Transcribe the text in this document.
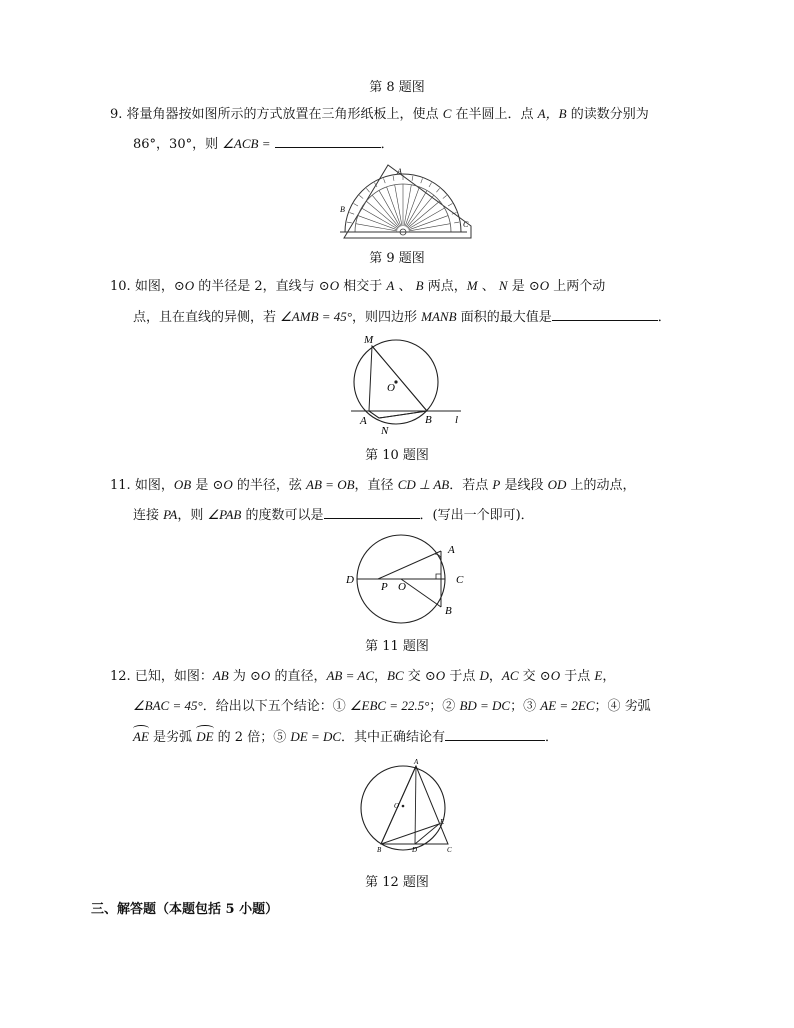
第 8 题图
9. 将量角器按如图所示的方式放置在三角形纸板上，使点 C 在半圆上．点 A，B 的读数分别为
86°，30°，则 ∠ACB =	．
A
B
C
第 9 题图
10. 如图，⊙O 的半径是 2，直线与 ⊙O 相交于 A 、 B 两点，M 、 N 是 ⊙O 上两个动
点，且在直线的异侧，若 ∠AMB = 45°，则四边形 MANB 面积的最大值是	．
M
O
A	B
N
l
第 10 题图
11. 如图，OB 是 ⊙O 的半径，弦 AB = OB，直径 CD ⊥ AB．若点 P 是线段 OD 上的动点，
连接 PA，则 ∠PAB 的度数可以是	．(写出一个即可)．
D
P O
C
A
B
第 11 题图
12. 已知，如图：AB 为 ⊙O 的直径，AB = AC，BC 交 ⊙O 于点 D，AC 交 ⊙O 于点 E，
∠BAC = 45°．给出以下五个结论：① ∠EBC = 22.5°；② BD = DC；③ AE = 2EC；④ 劣弧
AE 是劣弧 DE 的 2 倍；⑤ DE = DC．其中正确结论有	．
A
O
E
B	D	C
第 12 题图
三、解答题（本题包括 5 小题）
